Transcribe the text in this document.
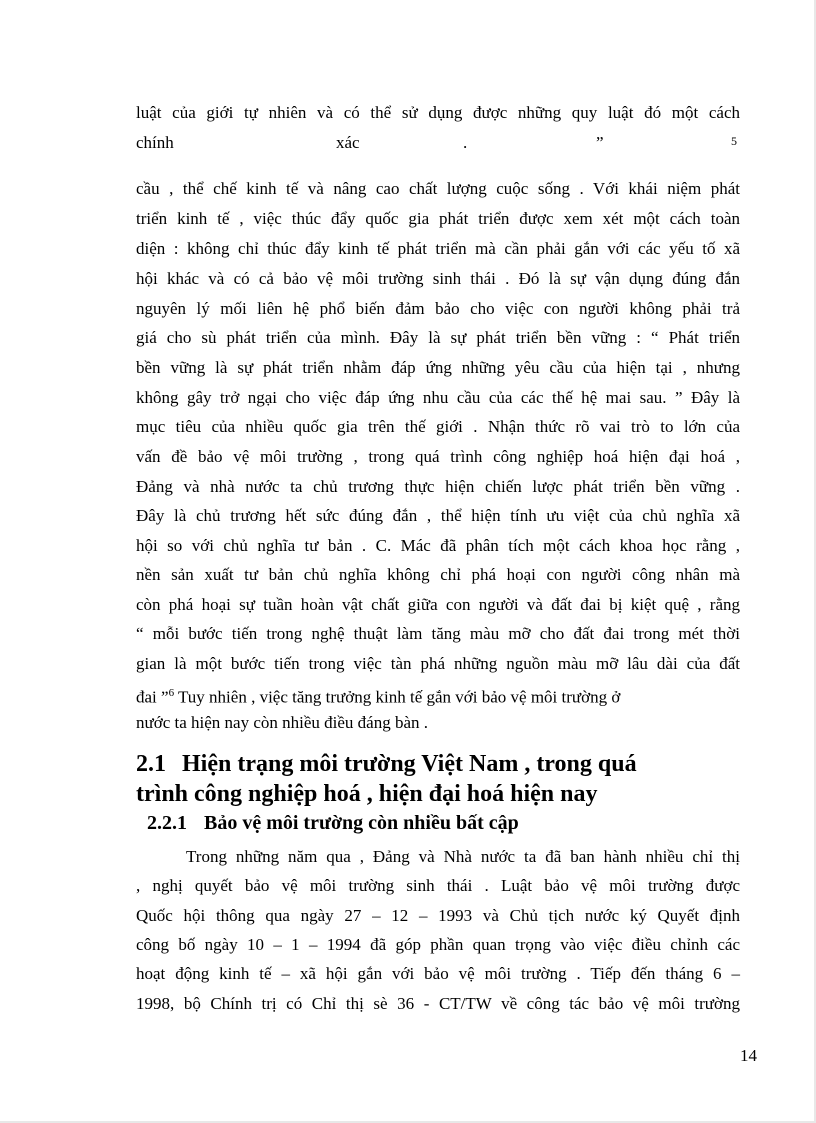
luật của giới tự nhiên và có thể sử dụng được những quy luật đó một cách
chính	xác	.	”	5
cầu , thể chế kinh tế và nâng cao chất lượng cuộc sống . Với khái niệm phát
triển kinh tế , việc thúc đẩy quốc gia phát triển được xem xét một cách toàn
diện : không chỉ thúc đẩy kinh tế phát triển mà cần phải gắn với các yếu tố xã
hội khác và có cả bảo vệ môi trường sinh thái . Đó là sự vận dụng đúng đắn
nguyên lý mối liên hệ phổ biến đảm bảo cho việc con người không phải trả
giá cho sù phát triển của mình. Đây là sự phát triển bền vững : “ Phát triển
bền vững là sự phát triển nhằm đáp ứng những yêu cầu của hiện tại , nhưng
không gây trở ngại cho việc đáp ứng nhu cầu của các thế hệ mai sau. ” Đây là
mục tiêu của nhiều quốc gia trên thế giới . Nhận thức rõ vai trò to lớn của
vấn đề bảo vệ môi trường , trong quá trình công nghiệp hoá hiện đại hoá ,
Đảng và nhà nước ta chủ trương thực hiện chiến lược phát triển bền vững .
Đây là chủ trương hết sức đúng đắn , thể hiện tính ưu việt của chủ nghĩa xã
hội so với chủ nghĩa tư bản . C. Mác đã phân tích một cách khoa học rằng ,
nền sản xuất tư bản chủ nghĩa không chỉ phá hoại con người công nhân mà
còn phá hoại sự tuần hoàn vật chất giữa con người và đất đai bị kiệt quệ , rằng
“ mỗi bước tiến trong nghệ thuật làm tăng màu mỡ cho đất đai trong mét thời
gian là một bước tiến trong việc tàn phá những nguồn màu mỡ lâu dài của đất
đai ”$^6$ Tuy nhiên , việc tăng trưởng kinh tế gắn với bảo vệ môi trường ở
nước ta hiện nay còn nhiều điều đáng bàn .
2.1 Hiện trạng môi trường Việt Nam , trong quá
trình công nghiệp hoá , hiện đại hoá hiện nay
2.2.1 Bảo vệ môi trường còn nhiều bất cập
Trong những năm qua , Đảng và Nhà nước ta đã ban hành nhiều chỉ thị
, nghị quyết bảo vệ môi trường sinh thái . Luật bảo vệ môi trường được
Quốc hội thông qua ngày 27 – 12 – 1993 và Chủ tịch nước ký Quyết định
công bố ngày 10 – 1 – 1994 đã góp phần quan trọng vào việc điều chỉnh các
hoạt động kinh tế – xã hội gắn với bảo vệ môi trường . Tiếp đến tháng 6 –
1998, bộ Chính trị có Chỉ thị sè 36 - CT/TW về công tác bảo vệ môi trường
14
